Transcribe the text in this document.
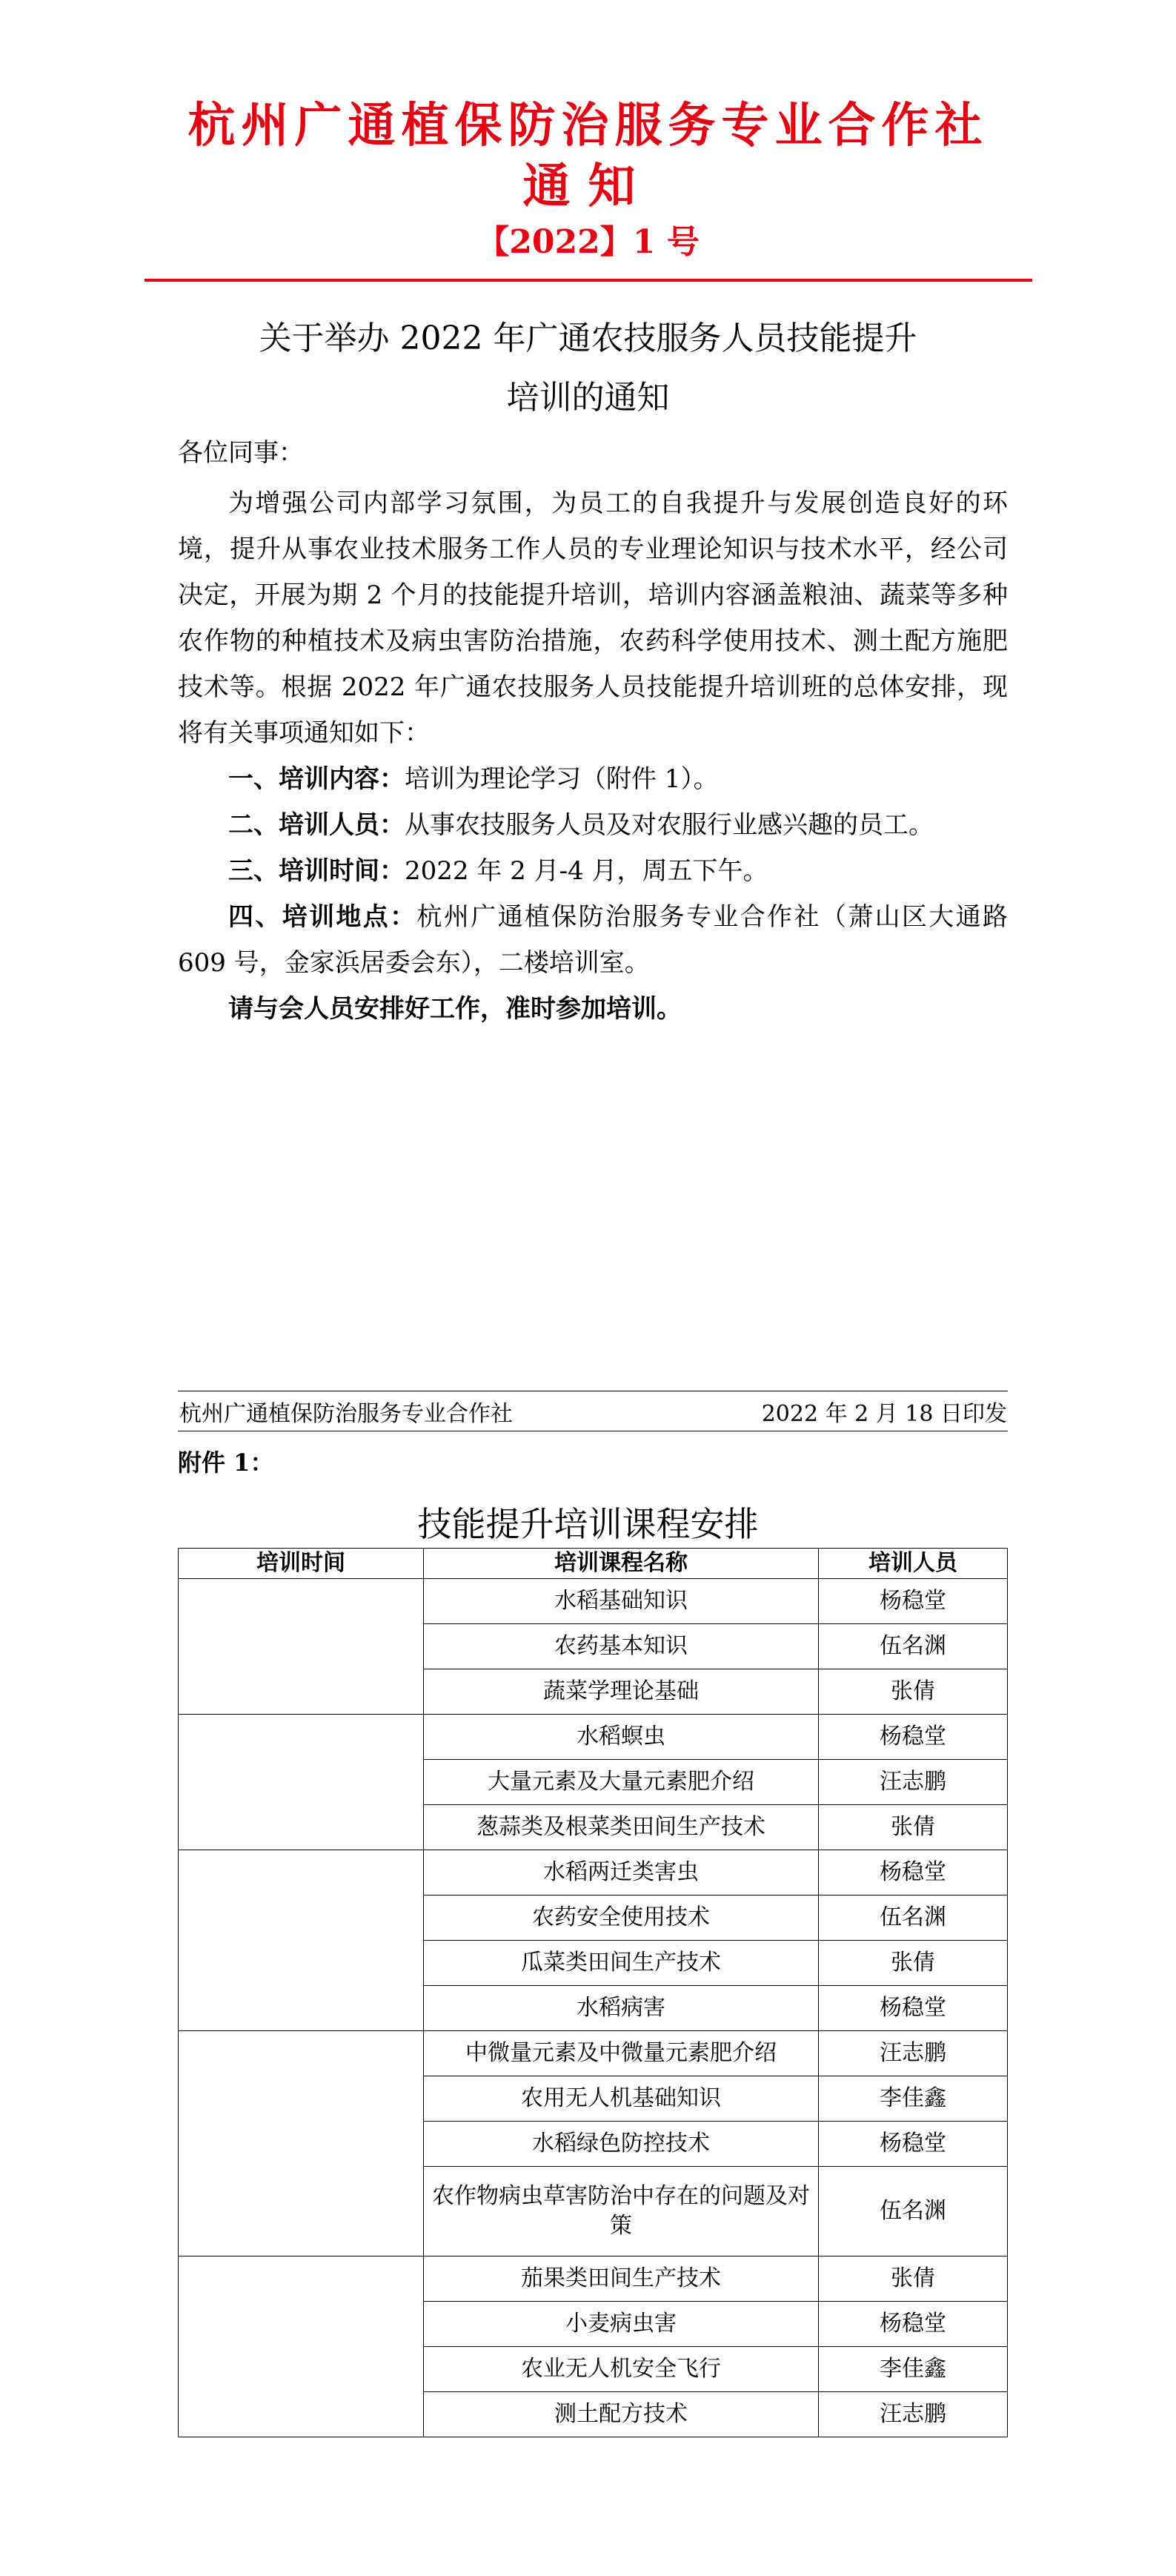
杭州广通植保防治服务专业合作社
通知
【2022】1 号
关于举办 2022 年广通农技服务人员技能提升
培训的通知

各位同事：

为增强公司内部学习氛围，为员工的自我提升与发展创造良好的环境，提升从事农业技术服务工作人员的专业理论知识与技术水平，经公司决定，开展为期 2 个月的技能提升培训，培训内容涵盖粮油、蔬菜等多种农作物的种植技术及病虫害防治措施，农药科学使用技术、测土配方施肥技术等。根据 2022 年广通农技服务人员技能提升培训班的总体安排，现将有关事项通知如下：

一、培训内容：培训为理论学习（附件 1）。

二、培训人员：从事农技服务人员及对农服行业感兴趣的员工。

三、培训时间：2022 年 2 月-4 月，周五下午。

四、培训地点：杭州广通植保防治服务专业合作社（萧山区大通路 609 号，金家浜居委会东），二楼培训室。

请与会人员安排好工作，准时参加培训。

杭州广通植保防治服务专业合作社	2022 年 2 月 18 日印发
附件 1：
技能提升培训课程安排
培训时间	培训课程名称	培训人员
	水稻基础知识	杨稳堂
	农药基本知识	伍名渊
	蔬菜学理论基础	张倩
	水稻螟虫	杨稳堂
	大量元素及大量元素肥介绍	汪志鹏
	葱蒜类及根菜类田间生产技术	张倩
	水稻两迁类害虫	杨稳堂
	农药安全使用技术	伍名渊
	瓜菜类田间生产技术	张倩
	水稻病害	杨稳堂
	中微量元素及中微量元素肥介绍	汪志鹏
	农用无人机基础知识	李佳鑫
	水稻绿色防控技术	杨稳堂
	农作物病虫草害防治中存在的问题及对策	伍名渊
	茄果类田间生产技术	张倩
	小麦病虫害	杨稳堂
	农业无人机安全飞行	李佳鑫
	测土配方技术	汪志鹏
